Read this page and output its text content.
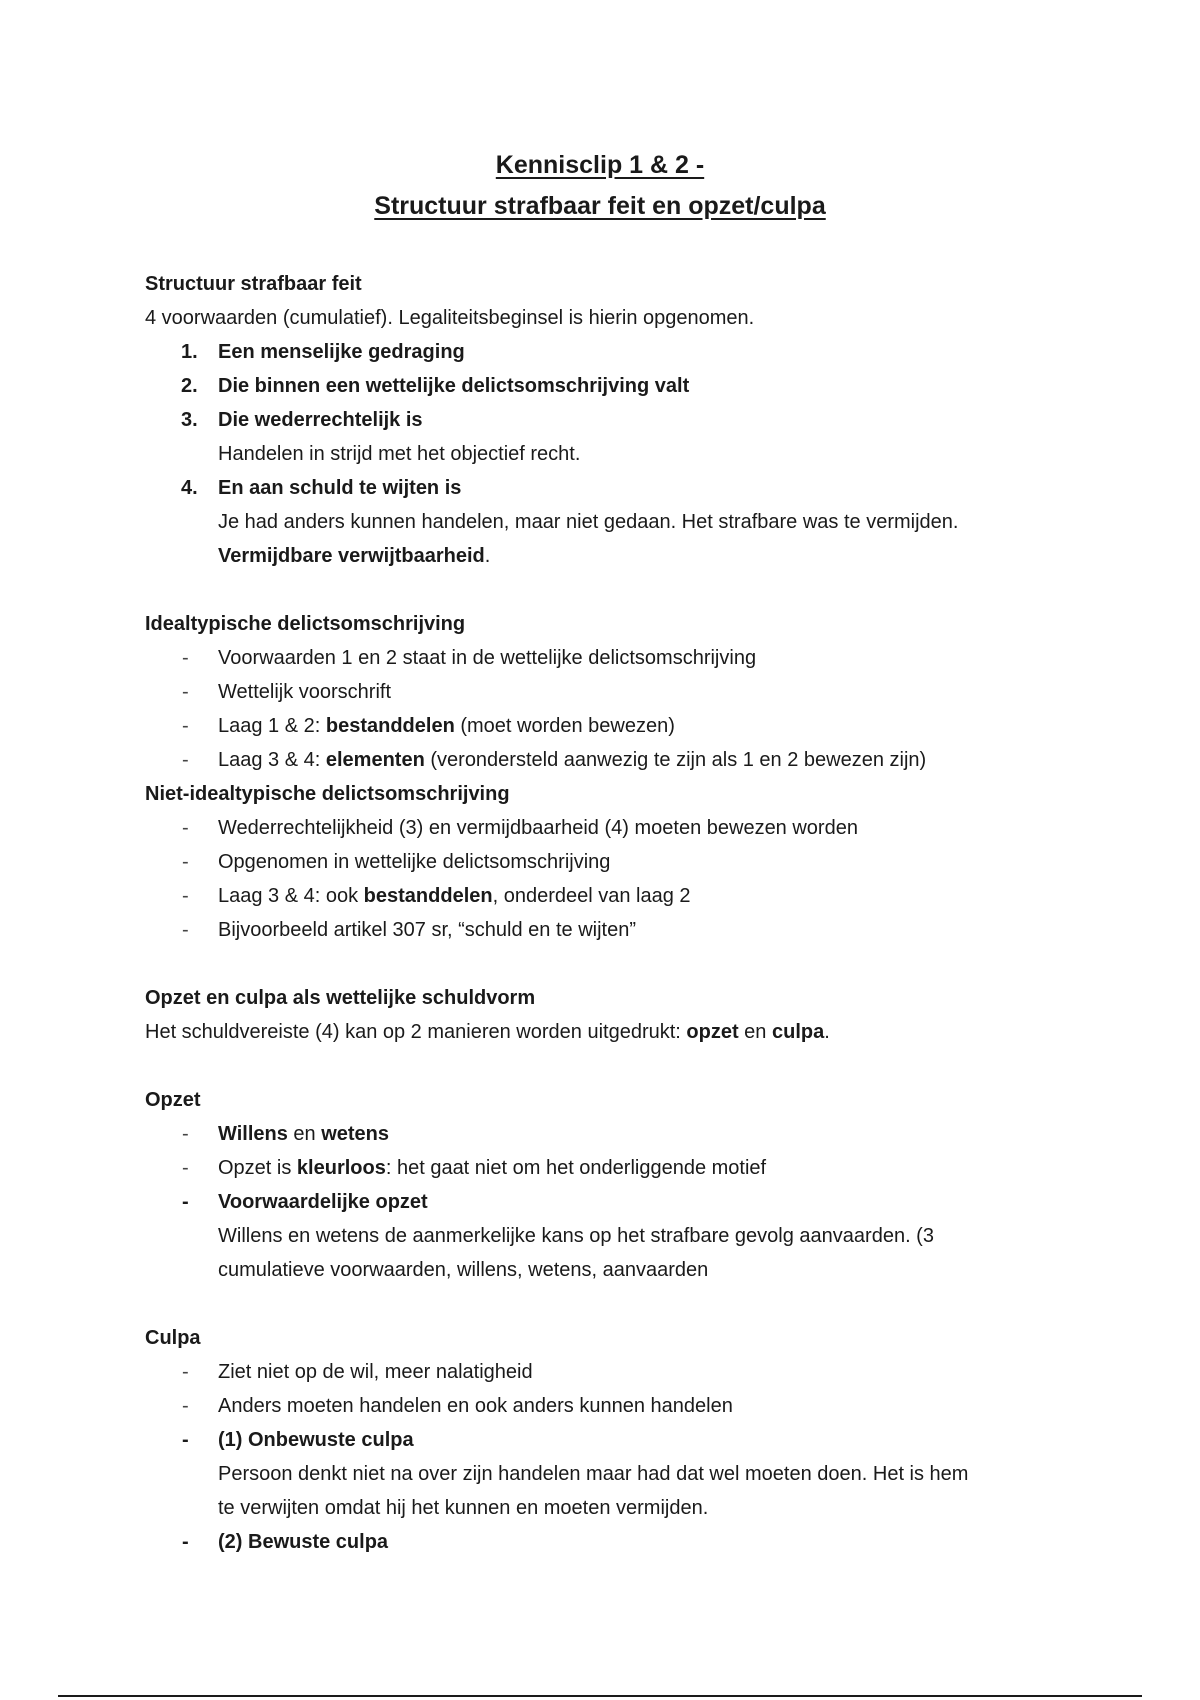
Kennisclip 1 & 2 -
Structuur strafbaar feit en opzet/culpa
Structuur strafbaar feit
4 voorwaarden (cumulatief). Legaliteitsbeginsel is hierin opgenomen.
1. Een menselijke gedraging
2. Die binnen een wettelijke delictsomschrijving valt
3. Die wederrechtelijk is
Handelen in strijd met het objectief recht.
4. En aan schuld te wijten is
Je had anders kunnen handelen, maar niet gedaan. Het strafbare was te vermijden.
Vermijdbare verwijtbaarheid.
Idealtypische delictsomschrijving
- Voorwaarden 1 en 2 staat in de wettelijke delictsomschrijving
- Wettelijk voorschrift
- Laag 1 & 2: bestanddelen (moet worden bewezen)
- Laag 3 & 4: elementen (verondersteld aanwezig te zijn als 1 en 2 bewezen zijn)
Niet-idealtypische delictsomschrijving
- Wederrechtelijkheid (3) en vermijdbaarheid (4) moeten bewezen worden
- Opgenomen in wettelijke delictsomschrijving
- Laag 3 & 4: ook bestanddelen, onderdeel van laag 2
- Bijvoorbeeld artikel 307 sr, “schuld en te wijten”
Opzet en culpa als wettelijke schuldvorm
Het schuldvereiste (4) kan op 2 manieren worden uitgedrukt: opzet en culpa.
Opzet
- Willens en wetens
- Opzet is kleurloos: het gaat niet om het onderliggende motief
- Voorwaardelijke opzet
Willens en wetens de aanmerkelijke kans op het strafbare gevolg aanvaarden. (3
cumulatieve voorwaarden, willens, wetens, aanvaarden
Culpa
- Ziet niet op de wil, meer nalatigheid
- Anders moeten handelen en ook anders kunnen handelen
- (1) Onbewuste culpa
Persoon denkt niet na over zijn handelen maar had dat wel moeten doen. Het is hem
te verwijten omdat hij het kunnen en moeten vermijden.
- (2) Bewuste culpa
